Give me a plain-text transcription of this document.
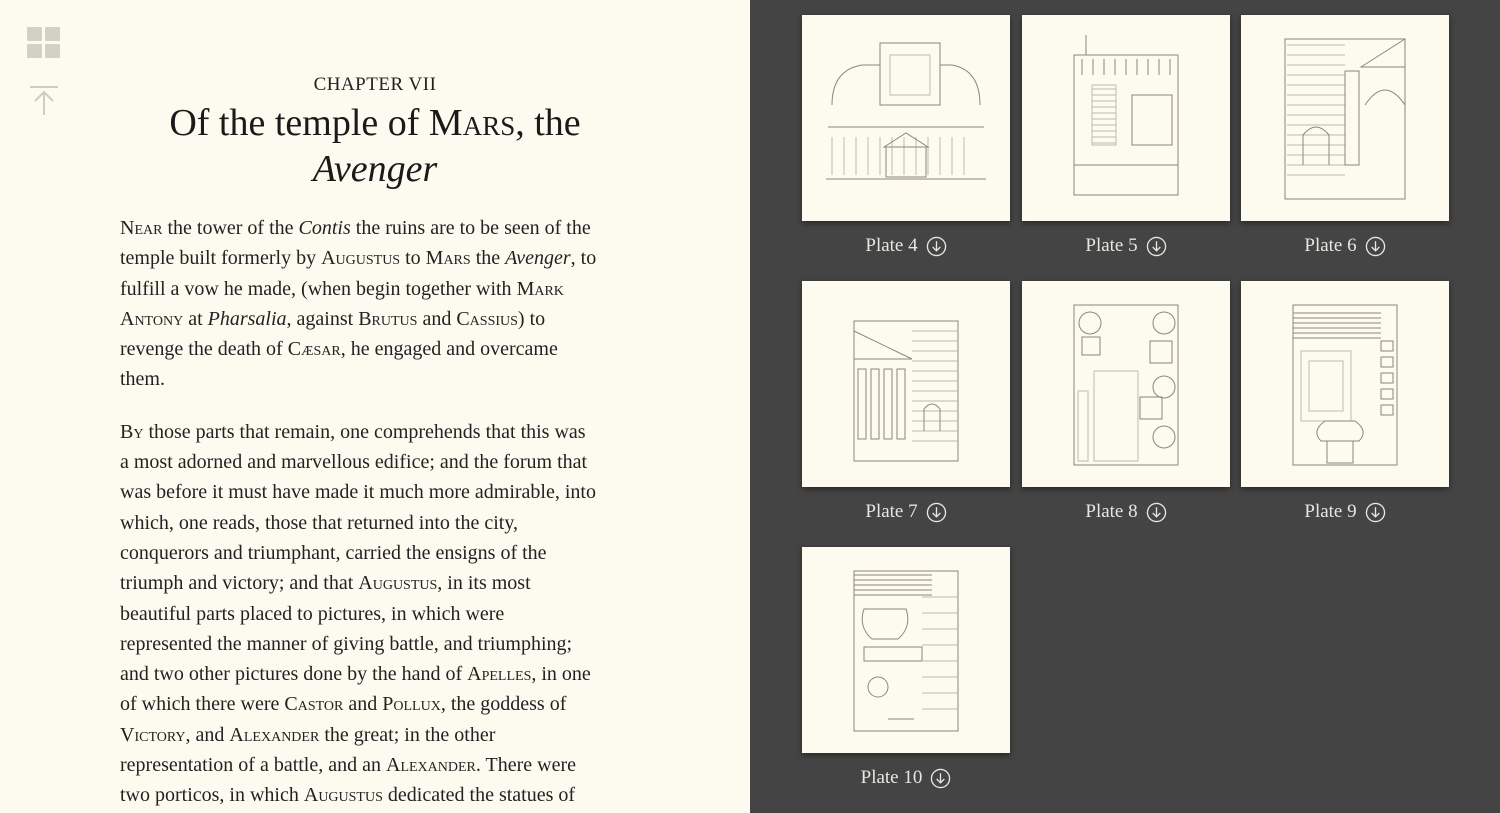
CHAPTER VII
Of the temple of Mars, the
Avenger

Near the tower of the Contis the ruins are to be seen of the
temple built formerly by Augustus to Mars the Avenger, to
fulfill a vow he made, (when begin together with Mark
Antony at Pharsalia, against Brutus and Cassius) to
revenge the death of Cæsar, he engaged and overcame
them.

By those parts that remain, one comprehends that this was
a most adorned and marvellous edifice; and the forum that
was before it must have made it much more admirable, into
which, one reads, those that returned into the city,
conquerors and triumphant, carried the ensigns of the
triumph and victory; and that Augustus, in its most
beautiful parts placed to pictures, in which were
represented the manner of giving battle, and triumphing;
and two other pictures done by the hand of Apelles, in one
of which there were Castor and Pollux, the goddess of
Victory, and Alexander the great; in the other
representation of a battle, and an Alexander. There were
two porticos, in which Augustus dedicated the statues of

Plate 4	Plate 5	Plate 6
Plate 7	Plate 8	Plate 9
Plate 10
